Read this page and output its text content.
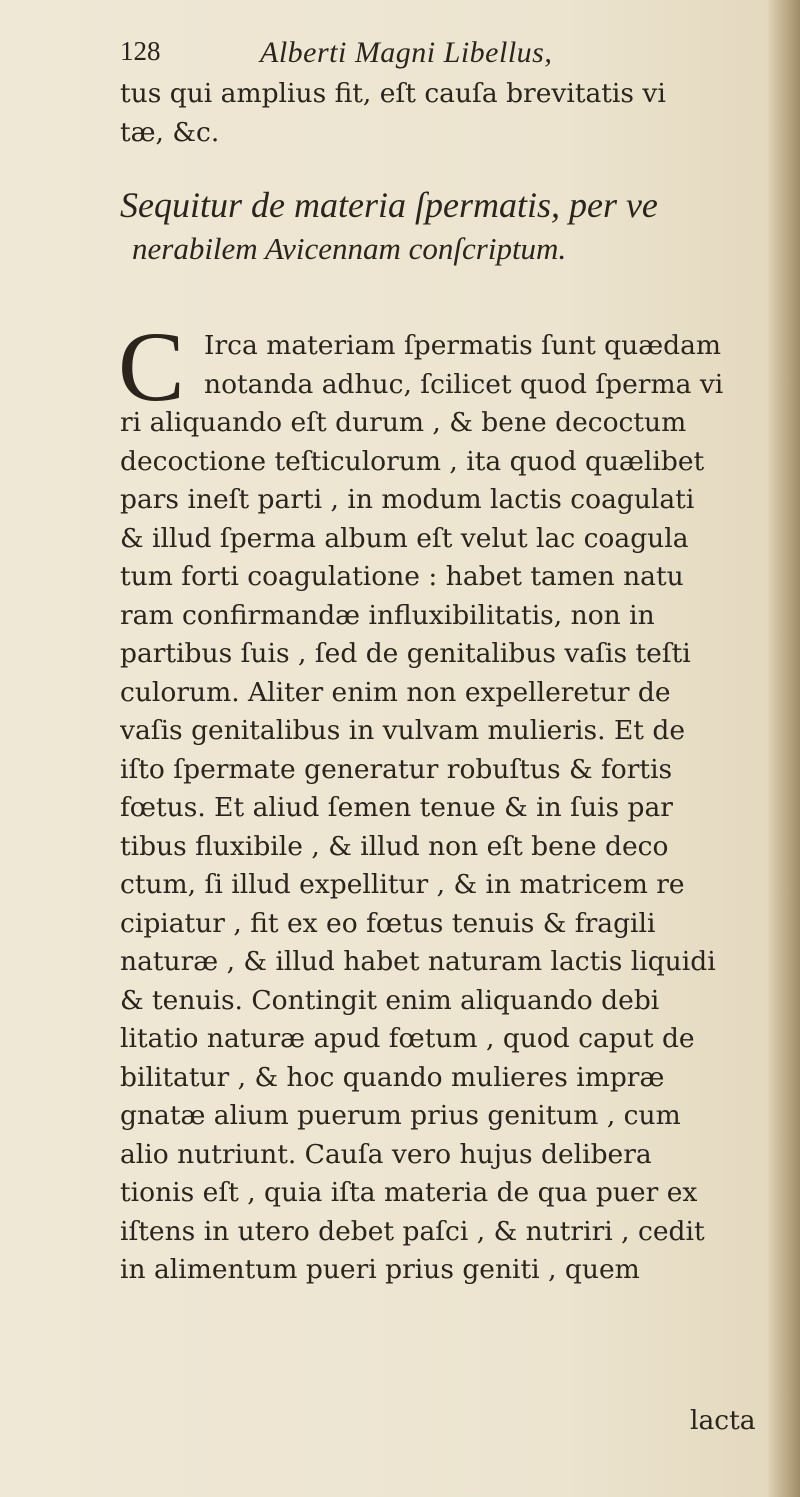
128	Alberti Magni Libellus,
tus qui amplius fit, eſt cauſa brevitatis vi
tæ, &c.
Sequitur de materia ſpermatis, per ve
nerabilem Avicennam conſcriptum.
C Irca materiam ſpermatis ſunt quædam
notanda adhuc, ſcilicet quod ſperma vi
ri aliquando eſt durum , & bene decoctum
decoctione teſticulorum , ita quod quælibet
pars ineſt parti , in modum lactis coagulati
& illud ſperma album eſt velut lac coagula
tum forti coagulatione : habet tamen natu
ram confirmandæ influxibilitatis, non in
partibus ſuis , ſed de genitalibus vaſis teſti
culorum. Aliter enim non expelleretur de
vaſis genitalibus in vulvam mulieris. Et de
iſto ſpermate generatur robuſtus & fortis
fœtus. Et aliud ſemen tenue & in ſuis par
tibus fluxibile , & illud non eſt bene deco
ctum, ſi illud expellitur , & in matricem re
cipiatur , fit ex eo fœtus tenuis & fragili
naturæ , & illud habet naturam lactis liquidi
& tenuis. Contingit enim aliquando debi
litatio naturæ apud fœtum , quod caput de
bilitatur , & hoc quando mulieres impræ
gnatæ alium puerum prius genitum , cum
alio nutriunt. Cauſa vero hujus delibera
tionis eſt , quia iſta materia de qua puer ex
iſtens in utero debet paſci , & nutriri , cedit
in alimentum pueri prius geniti , quem
lacta
